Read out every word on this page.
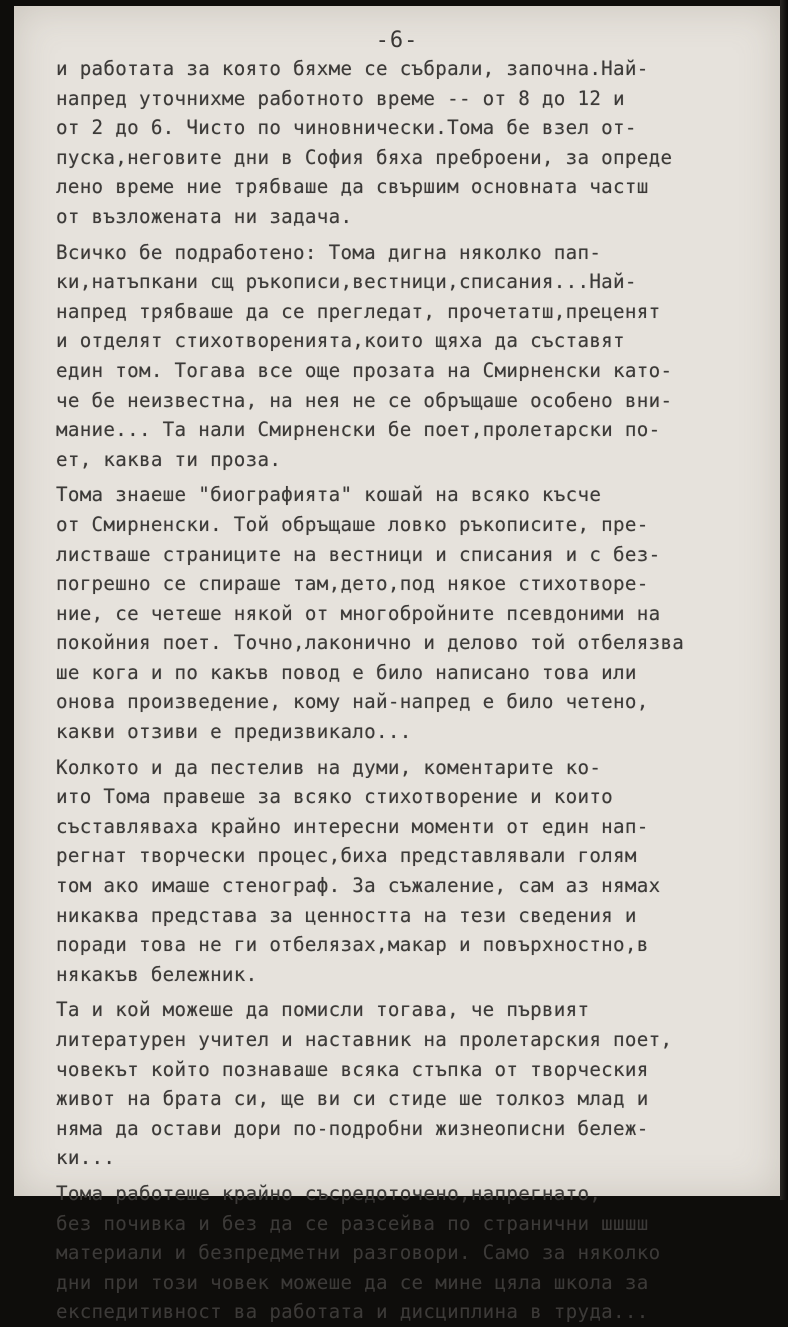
-6-
и работата за която бяхме се събрали, започна.Най-
напред уточнихме работното време -- от 8 до 12 и
от 2 до 6. Чисто по чиновнически.Тома бе взел от-
пуска,неговите дни в София бяха преброени, за опреде
лено време ние трябваше да свършим основната частш
от възложената ни задача.
Всичко бе подработено: Тома дигна няколко пап-
ки,натъпкани сщ ръкописи,вестници,списания...Най-
напред трябваше да се прегледат, прочетатш,преценят
и отделят стихотворенията,които щяха да съставят
един том. Тогава все още прозата на Смирненски като-
че бе неизвестна, на нея не се обръщаше особено вни-
мание... Та нали Смирненски бе поет,пролетарски по-
ет, каква ти проза.
Тома знаеше "биографията" кошай на всяко късче
от Смирненски. Той обръщаше ловко ръкописите, пре-
листваше страниците на вестници и списания и с без-
погрешно се спираше там,дето,под някое стихотворе-
ние, се четеше някой от многобройните псевдоними на
покойния поет. Точно,лаконично и делово той отбелязва
ше кога и по какъв повод е било написано това или
онова произведение, кому най-напред е било четено,
какви отзиви е предизвикало...
Колкото и да пестелив на думи, коментарите ко-
ито Тома правеше за всяко стихотворение и които
съставляваха крайно интересни моменти от един нап-
регнат творчески процес,биха представлявали голям
том ако имаше стенограф. За съжаление, сам аз нямах
никаква представа за ценността на тези сведения и
поради това не ги отбелязах,макар и повърхностно,в
някакъв бележник.
Та и кой можеше да помисли тогава, че първият
литературен учител и наставник на пролетарския поет,
човекът който познаваше всяка стъпка от творческия
живот на брата си, ще ви си стиде ше толкоз млад и
няма да остави дори по-подробни жизнеописни бележ-
ки...
Тома работеше крайно съсредоточено,напрегнато,
без почивка и без да се разсейва по странични шшшш
материали и безпредметни разговори. Само за няколко
дни при този човек можеше да се мине цяла школа за
експедитивност ва работата и дисциплина в труда...
